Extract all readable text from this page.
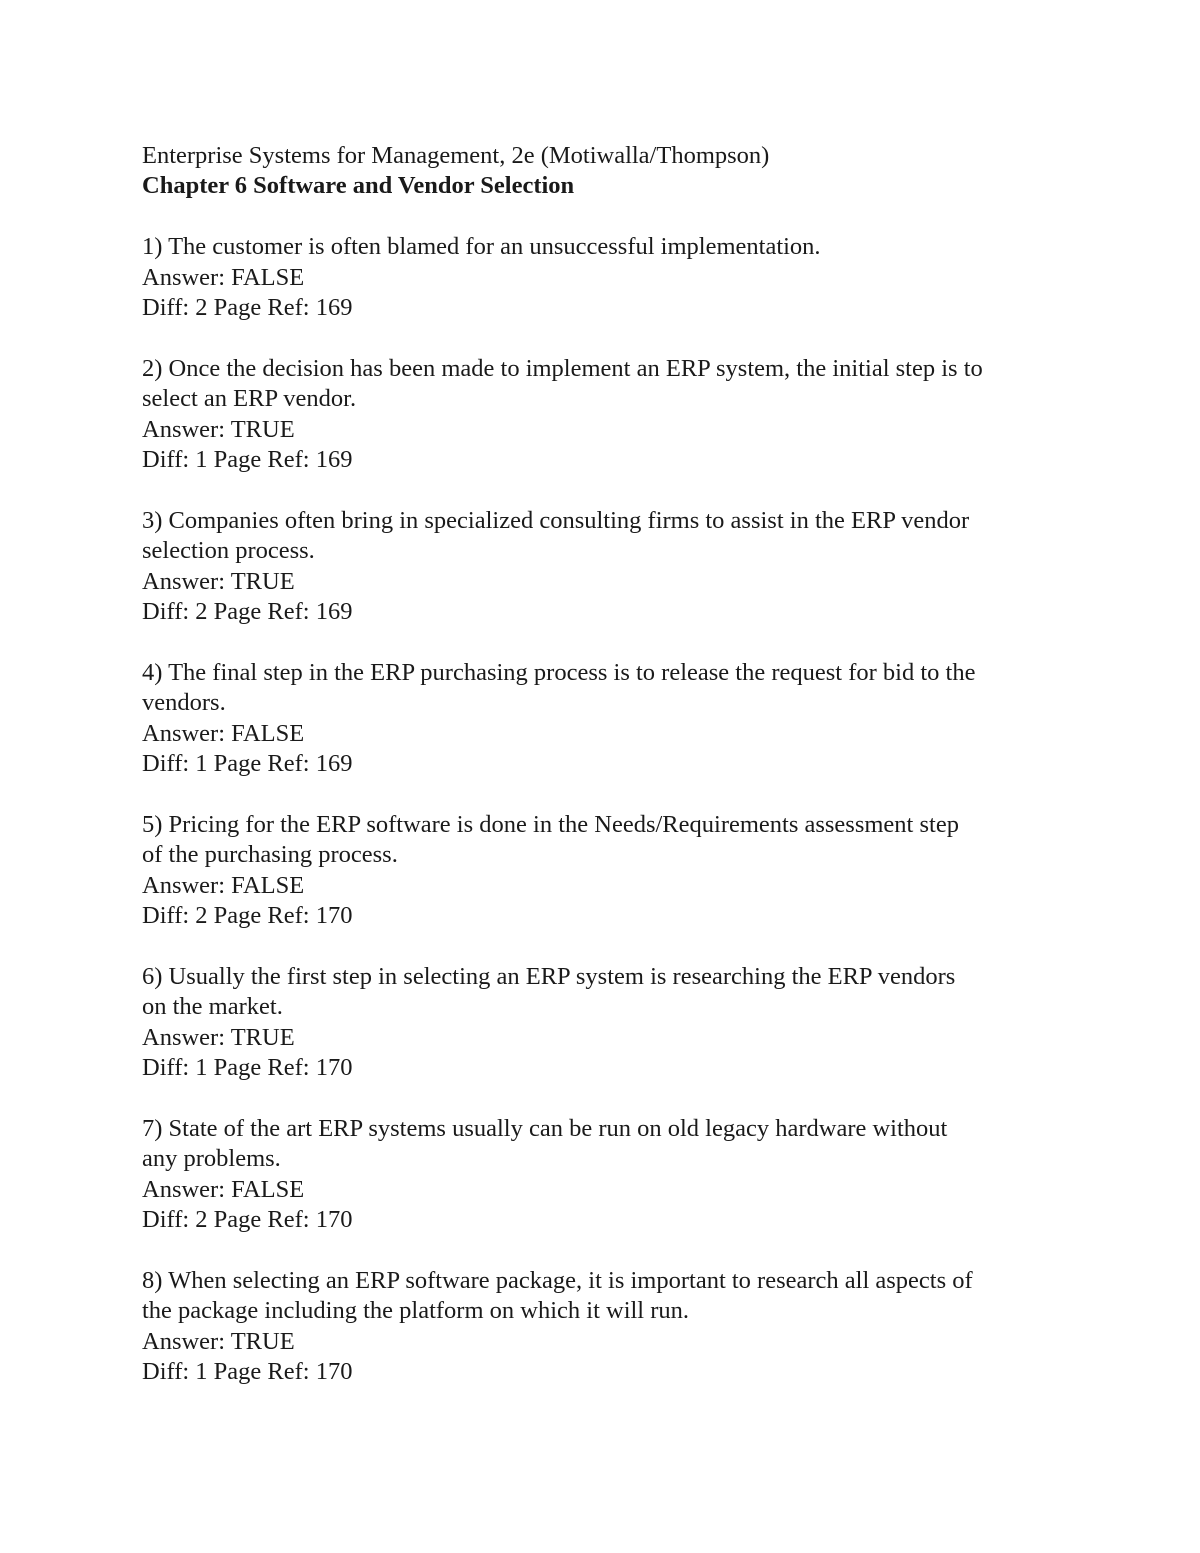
Enterprise Systems for Management, 2e (Motiwalla/Thompson)

Chapter 6 Software and Vendor Selection

1) The customer is often blamed for an unsuccessful implementation.

Answer: FALSE

Diff: 2 Page Ref: 169

2) Once the decision has been made to implement an ERP system, the initial step is to

select an ERP vendor.

Answer: TRUE

Diff: 1 Page Ref: 169

3) Companies often bring in specialized consulting firms to assist in the ERP vendor

selection process.

Answer: TRUE

Diff: 2 Page Ref: 169

4) The final step in the ERP purchasing process is to release the request for bid to the

vendors.

Answer: FALSE

Diff: 1 Page Ref: 169

5) Pricing for the ERP software is done in the Needs/Requirements assessment step

of the purchasing process.

Answer: FALSE

Diff: 2 Page Ref: 170

6) Usually the first step in selecting an ERP system is researching the ERP vendors

on the market.

Answer: TRUE

Diff: 1 Page Ref: 170

7) State of the art ERP systems usually can be run on old legacy hardware without

any problems.

Answer: FALSE

Diff: 2 Page Ref: 170

8) When selecting an ERP software package, it is important to research all aspects of

the package including the platform on which it will run.

Answer: TRUE

Diff: 1 Page Ref: 170
